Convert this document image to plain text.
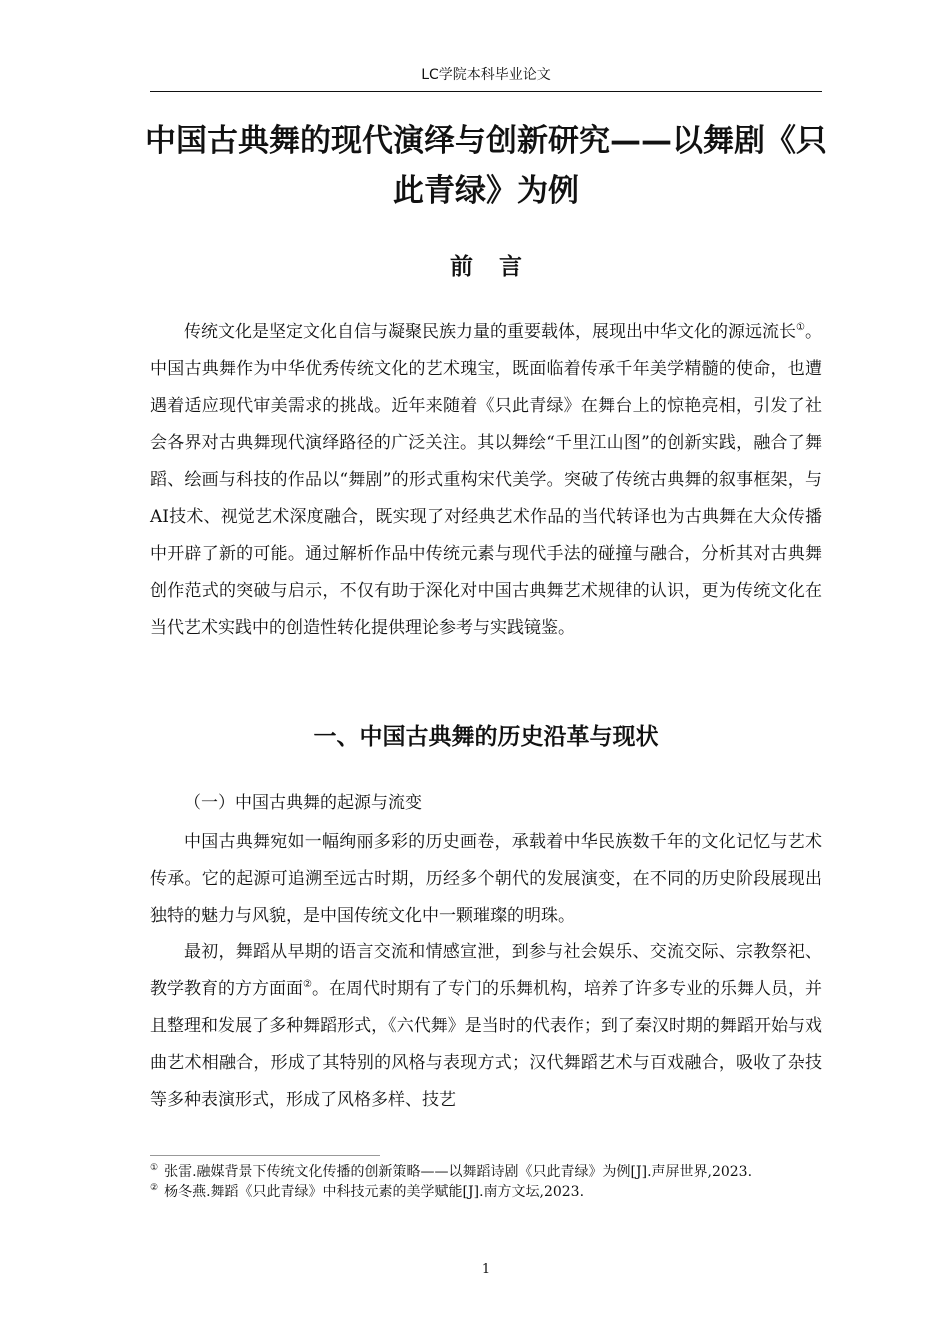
LC学院本科毕业论文
中国古典舞的现代演绎与创新研究——以舞剧《只此青绿》为例
前言

传统文化是坚定文化自信与凝聚民族力量的重要载体，展现出中华文化的源远流长①。中国古典舞作为中华优秀传统文化的艺术瑰宝，既面临着传承千年美学精髓的使命，也遭遇着适应现代审美需求的挑战。近年来随着《只此青绿》在舞台上的惊艳亮相，引发了社会各界对古典舞现代演绎路径的广泛关注。其以舞绘“千里江山图”的创新实践，融合了舞蹈、绘画与科技的作品以“舞剧”的形式重构宋代美学。突破了传统古典舞的叙事框架，与AI技术、视觉艺术深度融合，既实现了对经典艺术作品的当代转译也为古典舞在大众传播中开辟了新的可能。通过解析作品中传统元素与现代手法的碰撞与融合，分析其对古典舞创作范式的突破与启示，不仅有助于深化对中国古典舞艺术规律的认识，更为传统文化在当代艺术实践中的创造性转化提供理论参考与实践镜鉴。

一、中国古典舞的历史沿革与现状
（一）中国古典舞的起源与流变

中国古典舞宛如一幅绚丽多彩的历史画卷，承载着中华民族数千年的文化记忆与艺术传承。它的起源可追溯至远古时期，历经多个朝代的发展演变，在不同的历史阶段展现出独特的魅力与风貌，是中国传统文化中一颗璀璨的明珠。

最初，舞蹈从早期的语言交流和情感宣泄，到参与社会娱乐、交流交际、宗教祭祀、教学教育的方方面面②。在周代时期有了专门的乐舞机构，培养了许多专业的乐舞人员，并且整理和发展了多种舞蹈形式，《六代舞》是当时的代表作；到了秦汉时期的舞蹈开始与戏曲艺术相融合，形成了其特别的风格与表现方式；汉代舞蹈艺术与百戏融合，吸收了杂技等多种表演形式，形成了风格多样、技艺

① 张雷.融媒背景下传统文化传播的创新策略——以舞蹈诗剧《只此青绿》为例[J].声屏世界,2023.

② 杨冬燕.舞蹈《只此青绿》中科技元素的美学赋能[J].南方文坛,2023.

1
